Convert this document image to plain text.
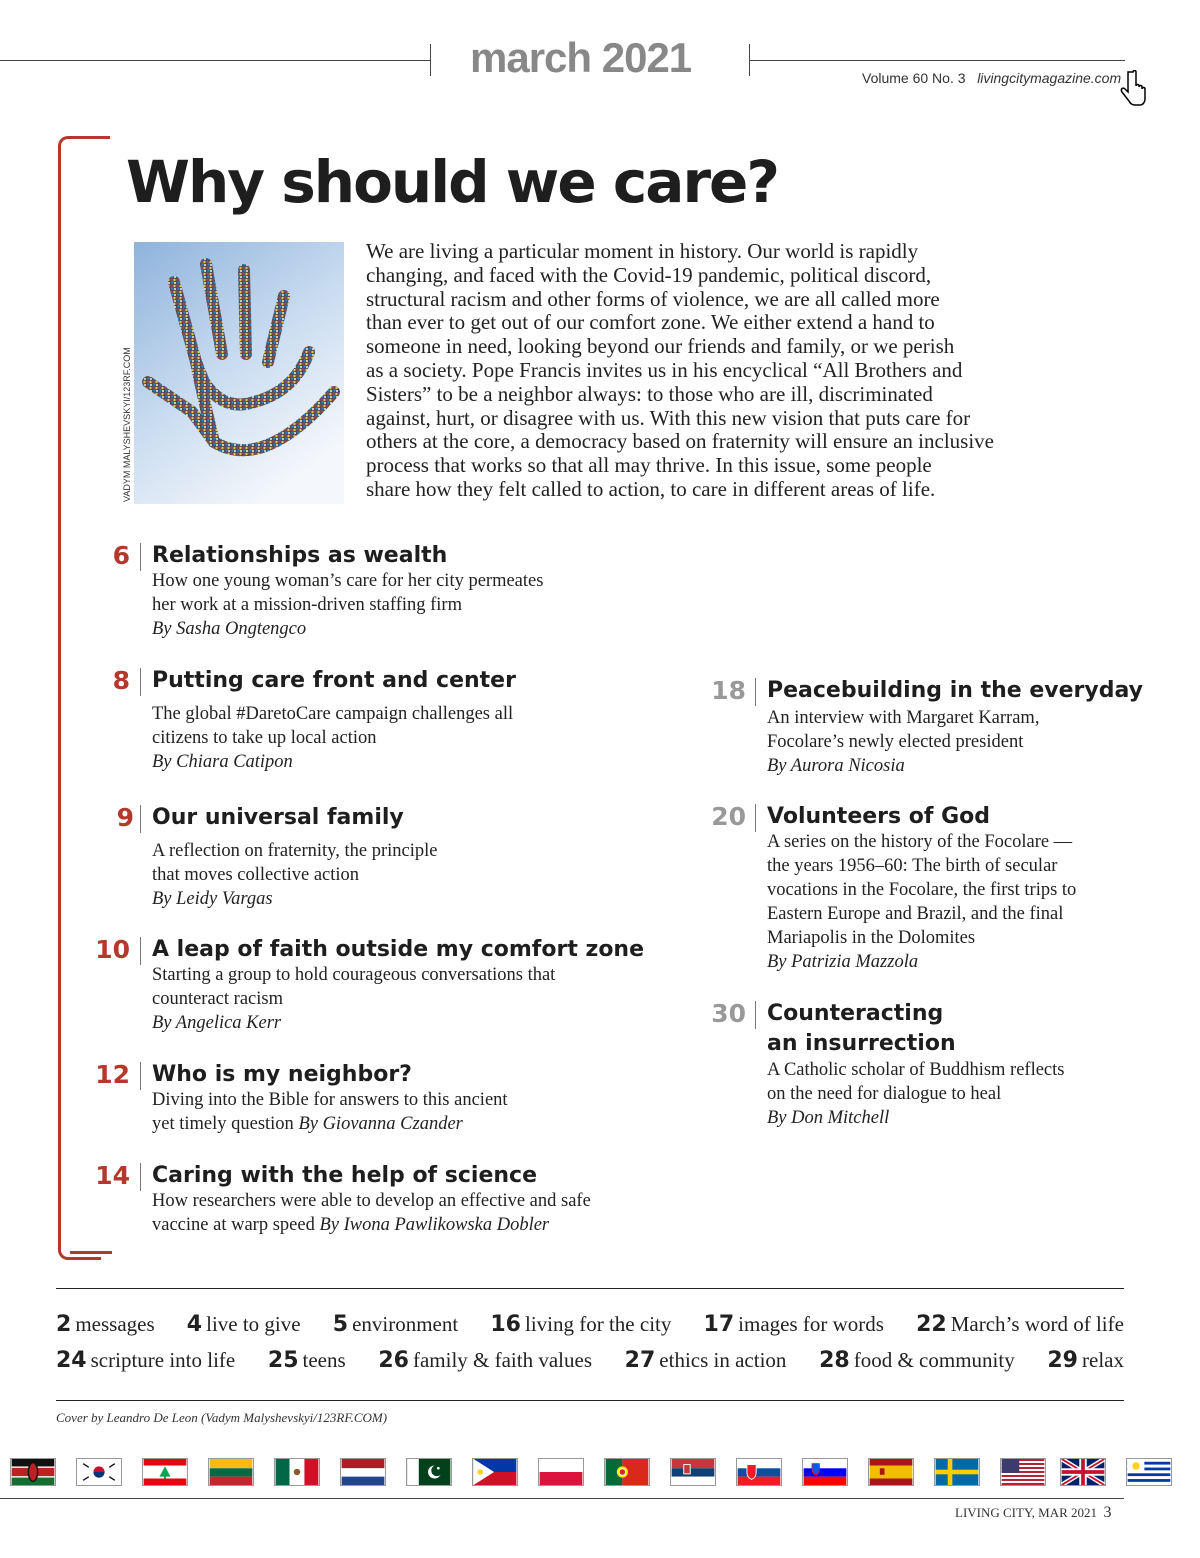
march 2021	Volume 60 No. 3 livingcitymagazine.com
Why should we care?
VADYM MALYSHEVSKYI/123RF.COM
We are living a particular moment in history. Our world is rapidly
changing, and faced with the Covid-19 pandemic, political discord,
structural racism and other forms of violence, we are all called more
than ever to get out of our comfort zone. We either extend a hand to
someone in need, looking beyond our friends and family, or we perish
as a society. Pope Francis invites us in his encyclical “All Brothers and
Sisters” to be a neighbor always: to those who are ill, discriminated
against, hurt, or disagree with us. With this new vision that puts care for
others at the core, a democracy based on fraternity will ensure an inclusive
process that works so that all may thrive. In this issue, some people
share how they felt called to action, to care in different areas of life.
6 Relationships as wealth
How one young woman’s care for her city permeates
her work at a mission-driven staffing firm
By Sasha Ongtengco
8 Putting care front and center
The global #DaretoCare campaign challenges all
citizens to take up local action
By Chiara Catipon
9 Our universal family
A reflection on fraternity, the principle
that moves collective action
By Leidy Vargas
10 A leap of faith outside my comfort zone
Starting a group to hold courageous conversations that
counteract racism
By Angelica Kerr
12 Who is my neighbor?
Diving into the Bible for answers to this ancient
yet timely question By Giovanna Czander
14 Caring with the help of science
How researchers were able to develop an effective and safe
vaccine at warp speed By Iwona Pawlikowska Dobler
18 Peacebuilding in the everyday
An interview with Margaret Karram,
Focolare’s newly elected president
By Aurora Nicosia
20 Volunteers of God
A series on the history of the Focolare —
the years 1956–60: The birth of secular
vocations in the Focolare, the first trips to
Eastern Europe and Brazil, and the final
Mariapolis in the Dolomites
By Patrizia Mazzola
30 Counteracting
an insurrection
A Catholic scholar of Buddhism reflects
on the need for dialogue to heal
By Don Mitchell
2 messages 4 live to give 5 environment 16 living for the city 17 images for words 22 March’s word of life
24 scripture into life 25 teens 26 family & faith values 27 ethics in action 28 food & community 29 relax
Cover by Leandro De Leon (Vadym Malyshevskyi/123RF.COM)
LIVING CITY, MAR 2021 3
